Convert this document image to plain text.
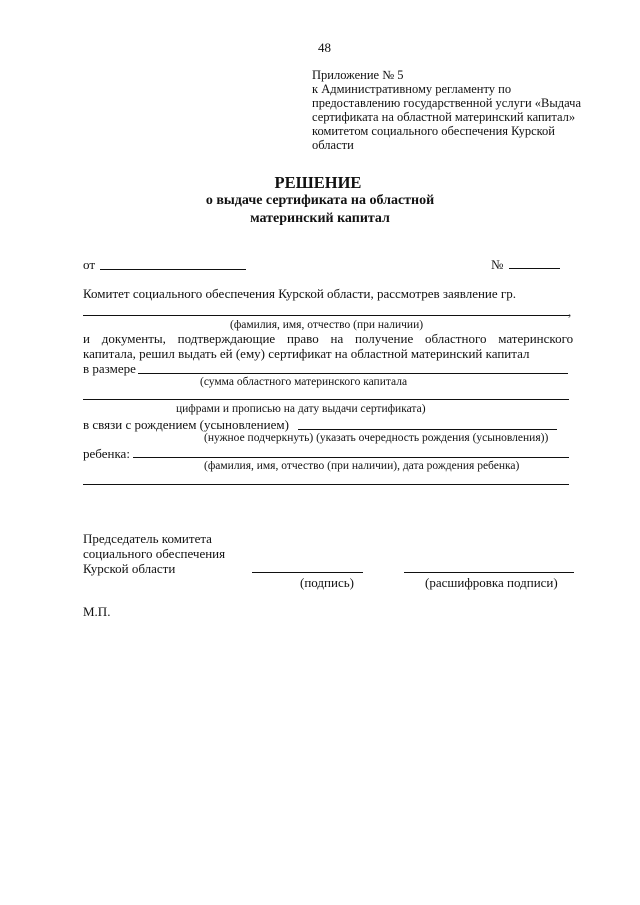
48
Приложение № 5
к Административному регламенту по
предоставлению государственной услуги «Выдача
сертификата на областной материнский капитал»
комитетом социального обеспечения Курской
области
РЕШЕНИЕ
о выдаче сертификата на областной
материнский капитал
от	№
Комитет социального обеспечения Курской области, рассмотрев заявление гр.
,
(фамилия, имя, отчество (при наличии)
и документы, подтверждающие право на получение областного материнского
капитала, решил выдать ей (ему) сертификат на областной материнский капитал
в размере
(сумма областного материнского капитала
цифрами и прописью на дату выдачи сертификата)
в связи с рождением (усыновлением)
(нужное подчеркнуть) (указать очередность рождения (усыновления))
ребенка:
(фамилия, имя, отчество (при наличии), дата рождения ребенка)
Председатель комитета
социального обеспечения
Курской области
(подпись)	(расшифровка подписи)
М.П.
